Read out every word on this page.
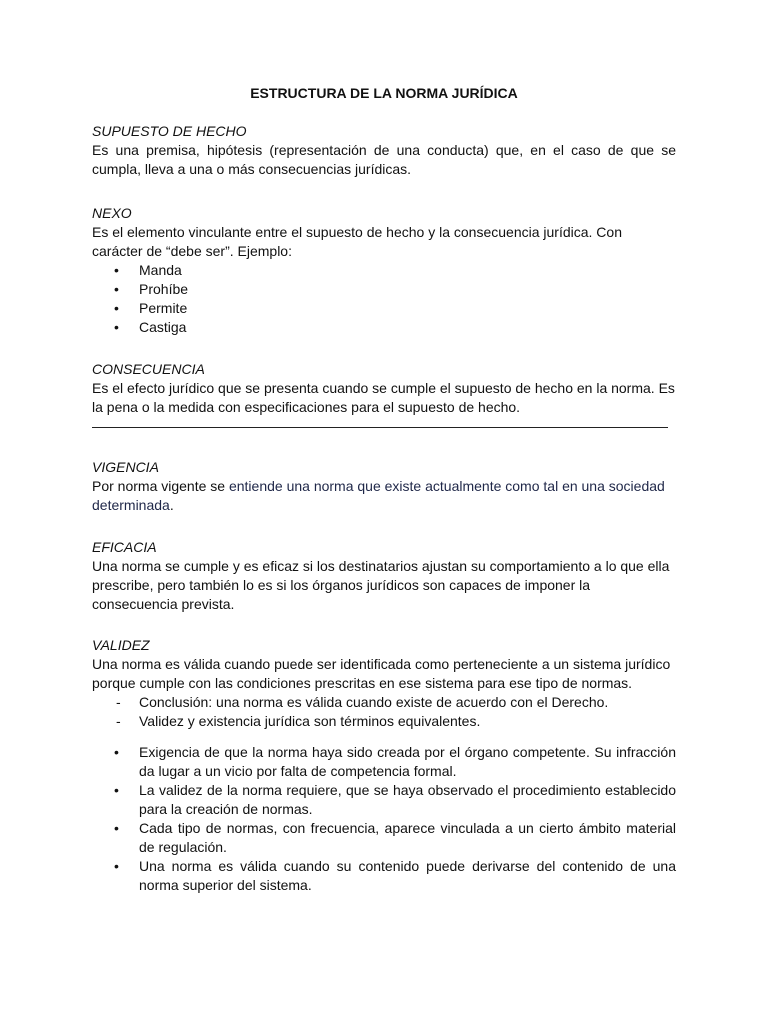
ESTRUCTURA DE LA NORMA JURÍDICA
SUPUESTO DE HECHO
Es una premisa, hipótesis (representación de una conducta) que, en el caso de que se cumpla, lleva a una o más consecuencias jurídicas.
NEXO
Es el elemento vinculante entre el supuesto de hecho y la consecuencia jurídica. Con carácter de “debe ser”. Ejemplo:
• Manda
• Prohíbe
• Permite
• Castiga
CONSECUENCIA
Es el efecto jurídico que se presenta cuando se cumple el supuesto de hecho en la norma. Es la pena o la medida con especificaciones para el supuesto de hecho.
VIGENCIA
Por norma vigente se entiende una norma que existe actualmente como tal en una sociedad determinada.
EFICACIA
Una norma se cumple y es eficaz si los destinatarios ajustan su comportamiento a lo que ella prescribe, pero también lo es si los órganos jurídicos son capaces de imponer la consecuencia prevista.
VALIDEZ
Una norma es válida cuando puede ser identificada como perteneciente a un sistema jurídico porque cumple con las condiciones prescritas en ese sistema para ese tipo de normas.
- Conclusión: una norma es válida cuando existe de acuerdo con el Derecho.
- Validez y existencia jurídica son términos equivalentes.
• Exigencia de que la norma haya sido creada por el órgano competente. Su infracción da lugar a un vicio por falta de competencia formal.
• La validez de la norma requiere, que se haya observado el procedimiento establecido para la creación de normas.
• Cada tipo de normas, con frecuencia, aparece vinculada a un cierto ámbito material de regulación.
• Una norma es válida cuando su contenido puede derivarse del contenido de una norma superior del sistema.
